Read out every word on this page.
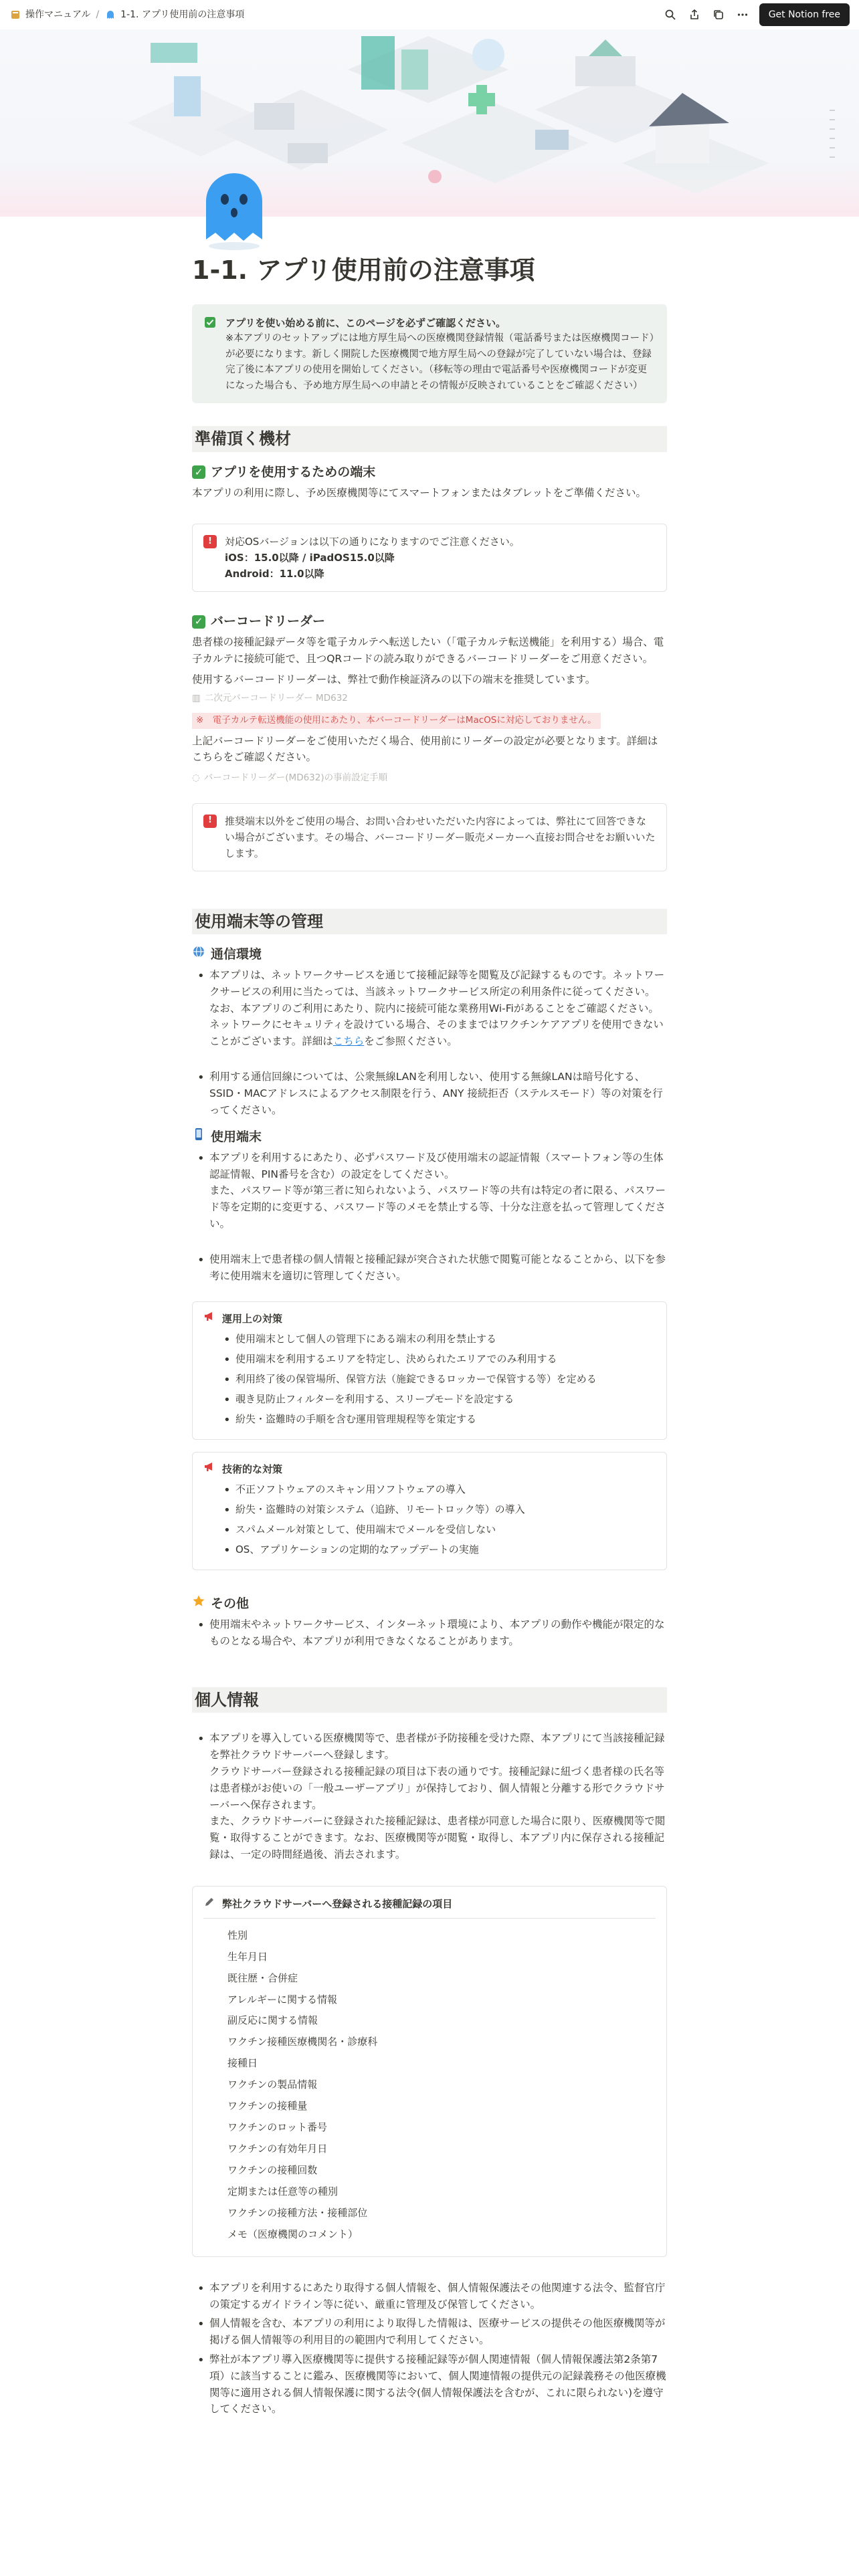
操作マニュアル / 1-1. アプリ使用前の注意事項	Get Notion free
1-1. アプリ使用前の注意事項
アプリを使い始める前に、このページを必ずご確認ください。
※本アプリのセットアップには地方厚生局への医療機関登録情報（電話番号または医療機関コード）が必要になります。新しく開院した医療機関で地方厚生局への登録が完了していない場合は、登録完了後に本アプリの使用を開始してください。（移転等の理由で電話番号や医療機関コードが変更になった場合も、予め地方厚生局への申請とその情報が反映されていることをご確認ください）
準備頂く機材
✓ アプリを使用するための端末

本アプリの利用に際し、予め医療機関等にてスマートフォンまたはタブレットをご準備ください。

!	対応OSバージョンは以下の通りになりますのでご注意ください。
iOS：15.0以降 / iPadOS15.0以降
Android：11.0以降
✓ バーコードリーダー

患者様の接種記録データ等を電子カルテへ転送したい（「電子カルテ転送機能」を利用する）場合、電子カルテに接続可能で、且つQRコードの読み取りができるバーコードリーダーをご用意ください。

使用するバーコードリーダーは、弊社で動作検証済みの以下の端末を推奨しています。

▥ 二次元バーコードリーダー MD632
※　電子カルテ転送機能の使用にあたり、本バーコードリーダーはMacOSに対応しておりません。

上記バーコードリーダーをご使用いただく場合、使用前にリーダーの設定が必要となります。詳細はこちらをご確認ください。

◌ バーコードリーダー(MD632)の事前設定手順
!	推奨端末以外をご使用の場合、お問い合わせいただいた内容によっては、弊社にて回答できない場合がございます。その場合、バーコードリーダー販売メーカーへ直接お問合せをお願いいたします。
使用端末等の管理
通信環境
• 本アプリは、ネットワークサービスを通じて接種記録等を閲覧及び記録するものです。ネットワークサービスの利用に当たっては、当該ネットワークサービス所定の利用条件に従ってください。
なお、本アプリのご利用にあたり、院内に接続可能な業務用Wi-Fiがあることをご確認ください。ネットワークにセキュリティを設けている場合、そのままではワクチンケアアプリを使用できないことがございます。詳細はこちらをご参照ください。
• 利用する通信回線については、公衆無線LANを利用しない、使用する無線LANは暗号化する、SSID・MACアドレスによるアクセス制限を行う、ANY 接続拒否（ステルスモード）等の対策を行ってください。
使用端末
• 本アプリを利用するにあたり、必ずパスワード及び使用端末の認証情報（スマートフォン等の生体認証情報、PIN番号を含む）の設定をしてください。
また、パスワード等が第三者に知られないよう、パスワード等の共有は特定の者に限る、パスワード等を定期的に変更する、パスワード等のメモを禁止する等、十分な注意を払って管理してください。
• 使用端末上で患者様の個人情報と接種記録が突合された状態で閲覧可能となることから、以下を参考に使用端末を適切に管理してください。
運用上の対策
• 使用端末として個人の管理下にある端末の利用を禁止する
• 使用端末を利用するエリアを特定し、決められたエリアでのみ利用する
• 利用終了後の保管場所、保管方法（施錠できるロッカーで保管する等）を定める
• 覗き見防止フィルターを利用する、スリープモードを設定する
• 紛失・盗難時の手順を含む運用管理規程等を策定する
技術的な対策
• 不正ソフトウェアのスキャン用ソフトウェアの導入
• 紛失・盗難時の対策システム（追跡、リモートロック等）の導入
• スパムメール対策として、使用端末でメールを受信しない
• OS、アプリケーションの定期的なアップデートの実施
その他
• 使用端末やネットワークサービス、インターネット環境により、本アプリの動作や機能が限定的なものとなる場合や、本アプリが利用できなくなることがあります。
個人情報
• 本アプリを導入している医療機関等で、患者様が予防接種を受けた際、本アプリにて当該接種記録を弊社クラウドサーバーへ登録します。
クラウドサーバー登録される接種記録の項目は下表の通りです。接種記録に紐づく患者様の氏名等は患者様がお使いの「一般ユーザーアプリ」が保持しており、個人情報と分離する形でクラウドサーバーへ保存されます。
また、クラウドサーバーに登録された接種記録は、患者様が同意した場合に限り、医療機関等で閲覧・取得することができます。なお、医療機関等が閲覧・取得し、本アプリ内に保存される接種記録は、一定の時間経過後、消去されます。
弊社クラウドサーバーへ登録される接種記録の項目
性別
生年月日
既往歴・合併症
アレルギーに関する情報
副反応に関する情報
ワクチン接種医療機関名・診療科
接種日
ワクチンの製品情報
ワクチンの接種量
ワクチンのロット番号
ワクチンの有効年月日
ワクチンの接種回数
定期または任意等の種別
ワクチンの接種方法・接種部位
メモ（医療機関のコメント）
• 本アプリを利用するにあたり取得する個人情報を、個人情報保護法その他関連する法令、監督官庁の策定するガイドライン等に従い、厳重に管理及び保管してください。
• 個人情報を含む、本アプリの利用により取得した情報は、医療サービスの提供その他医療機関等が掲げる個人情報等の利用目的の範囲内で利用してください。
• 弊社が本アプリ導入医療機関等に提供する接種記録等が個人関連情報（個人情報保護法第2条第7項）に該当することに鑑み、医療機関等において、個人関連情報の提供元の記録義務その他医療機関等に適用される個人情報保護に関する法令(個人情報保護法を含むが、これに限られない)を遵守してください。
